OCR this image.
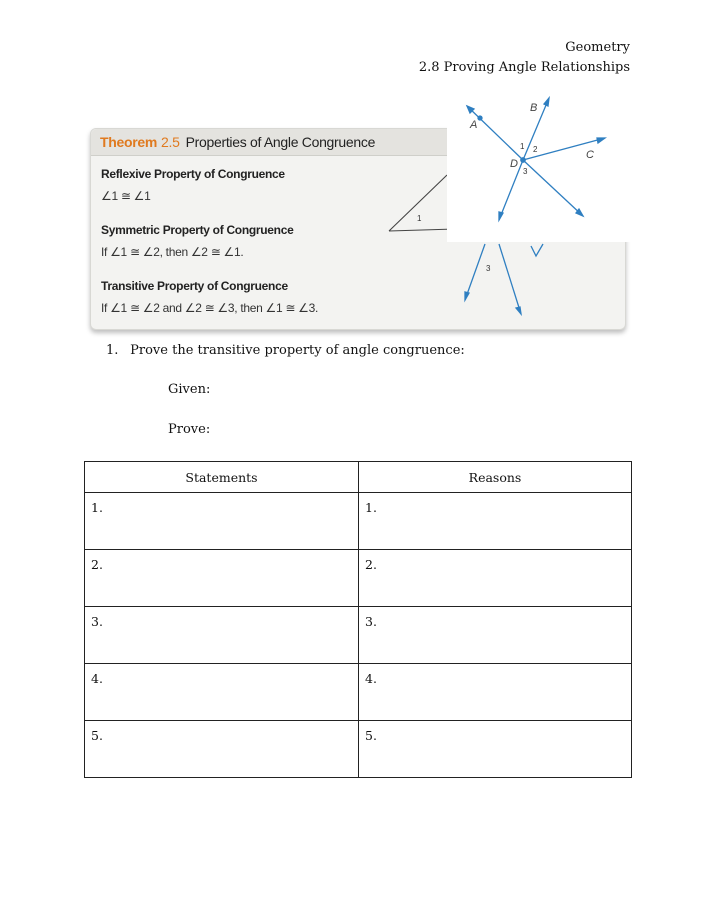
Geometry
2.8 Proving Angle Relationships
Theorem 2.5 Properties of Angle Congruence
Reflexive Property of Congruence
∠1 ≅ ∠1
Symmetric Property of Congruence
If ∠1 ≅ ∠2, then ∠2 ≅ ∠1.
Transitive Property of Congruence
If ∠1 ≅ ∠2 and ∠2 ≅ ∠3, then ∠1 ≅ ∠3.
1
A
B
C
D
1 2
3
3
1. Prove the transitive property of angle congruence:
Given:
Prove:
Statements	Reasons
1.	1.
2.	2.
3.	3.
4.	4.
5.	5.
